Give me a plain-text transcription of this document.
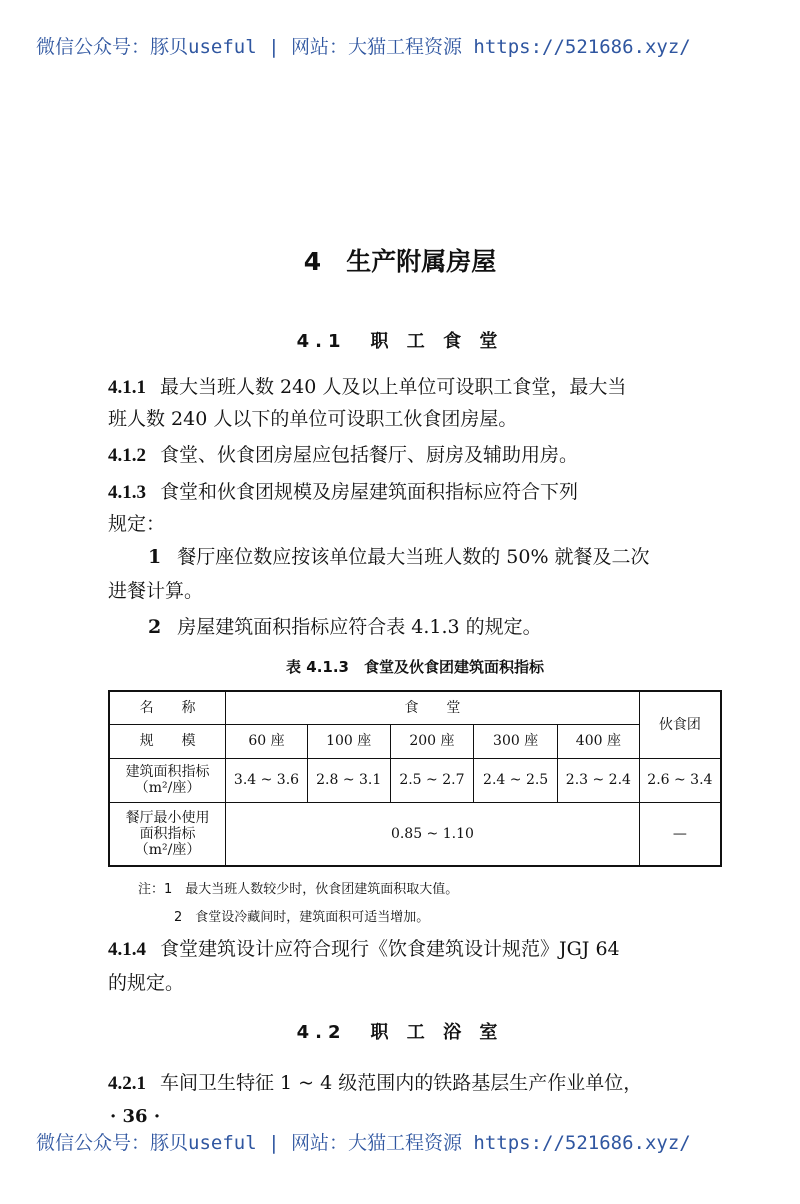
微信公众号：豚贝useful | 网站：大猫工程资源 https://521686.xyz/
4　生产附属房屋
4.1　职 工 食 堂
4.1.1 最大当班人数 240 人及以上单位可设职工食堂，最大当
班人数 240 人以下的单位可设职工伙食团房屋。
4.1.2 食堂、伙食团房屋应包括餐厅、厨房及辅助用房。
4.1.3 食堂和伙食团规模及房屋建筑面积指标应符合下列
规定：
1 餐厅座位数应按该单位最大当班人数的 50% 就餐及二次
进餐计算。
2 房屋建筑面积指标应符合表 4.1.3 的规定。
表 4.1.3　食堂及伙食团建筑面积指标
名　　称	食　　堂					伙食团
规　　模	60 座	100 座	200 座	300 座	400 座	

建筑面积指标
（m²/座）	3.4 ~ 3.6	2.8 ~ 3.1	2.5 ~ 2.7	2.4 ~ 2.5	2.3 ~ 2.4	2.6 ~ 3.4

餐厅最小使用
面积指标
（m²/座）	0.85 ~ 1.10					—
注：1　最大当班人数较少时，伙食团建筑面积取大值。
2　食堂设冷藏间时，建筑面积可适当增加。
4.1.4 食堂建筑设计应符合现行《饮食建筑设计规范》JGJ 64
的规定。
4.2　职 工 浴 室
4.2.1 车间卫生特征 1 ~ 4 级范围内的铁路基层生产作业单位，
· 36 ·
微信公众号：豚贝useful | 网站：大猫工程资源 https://521686.xyz/
